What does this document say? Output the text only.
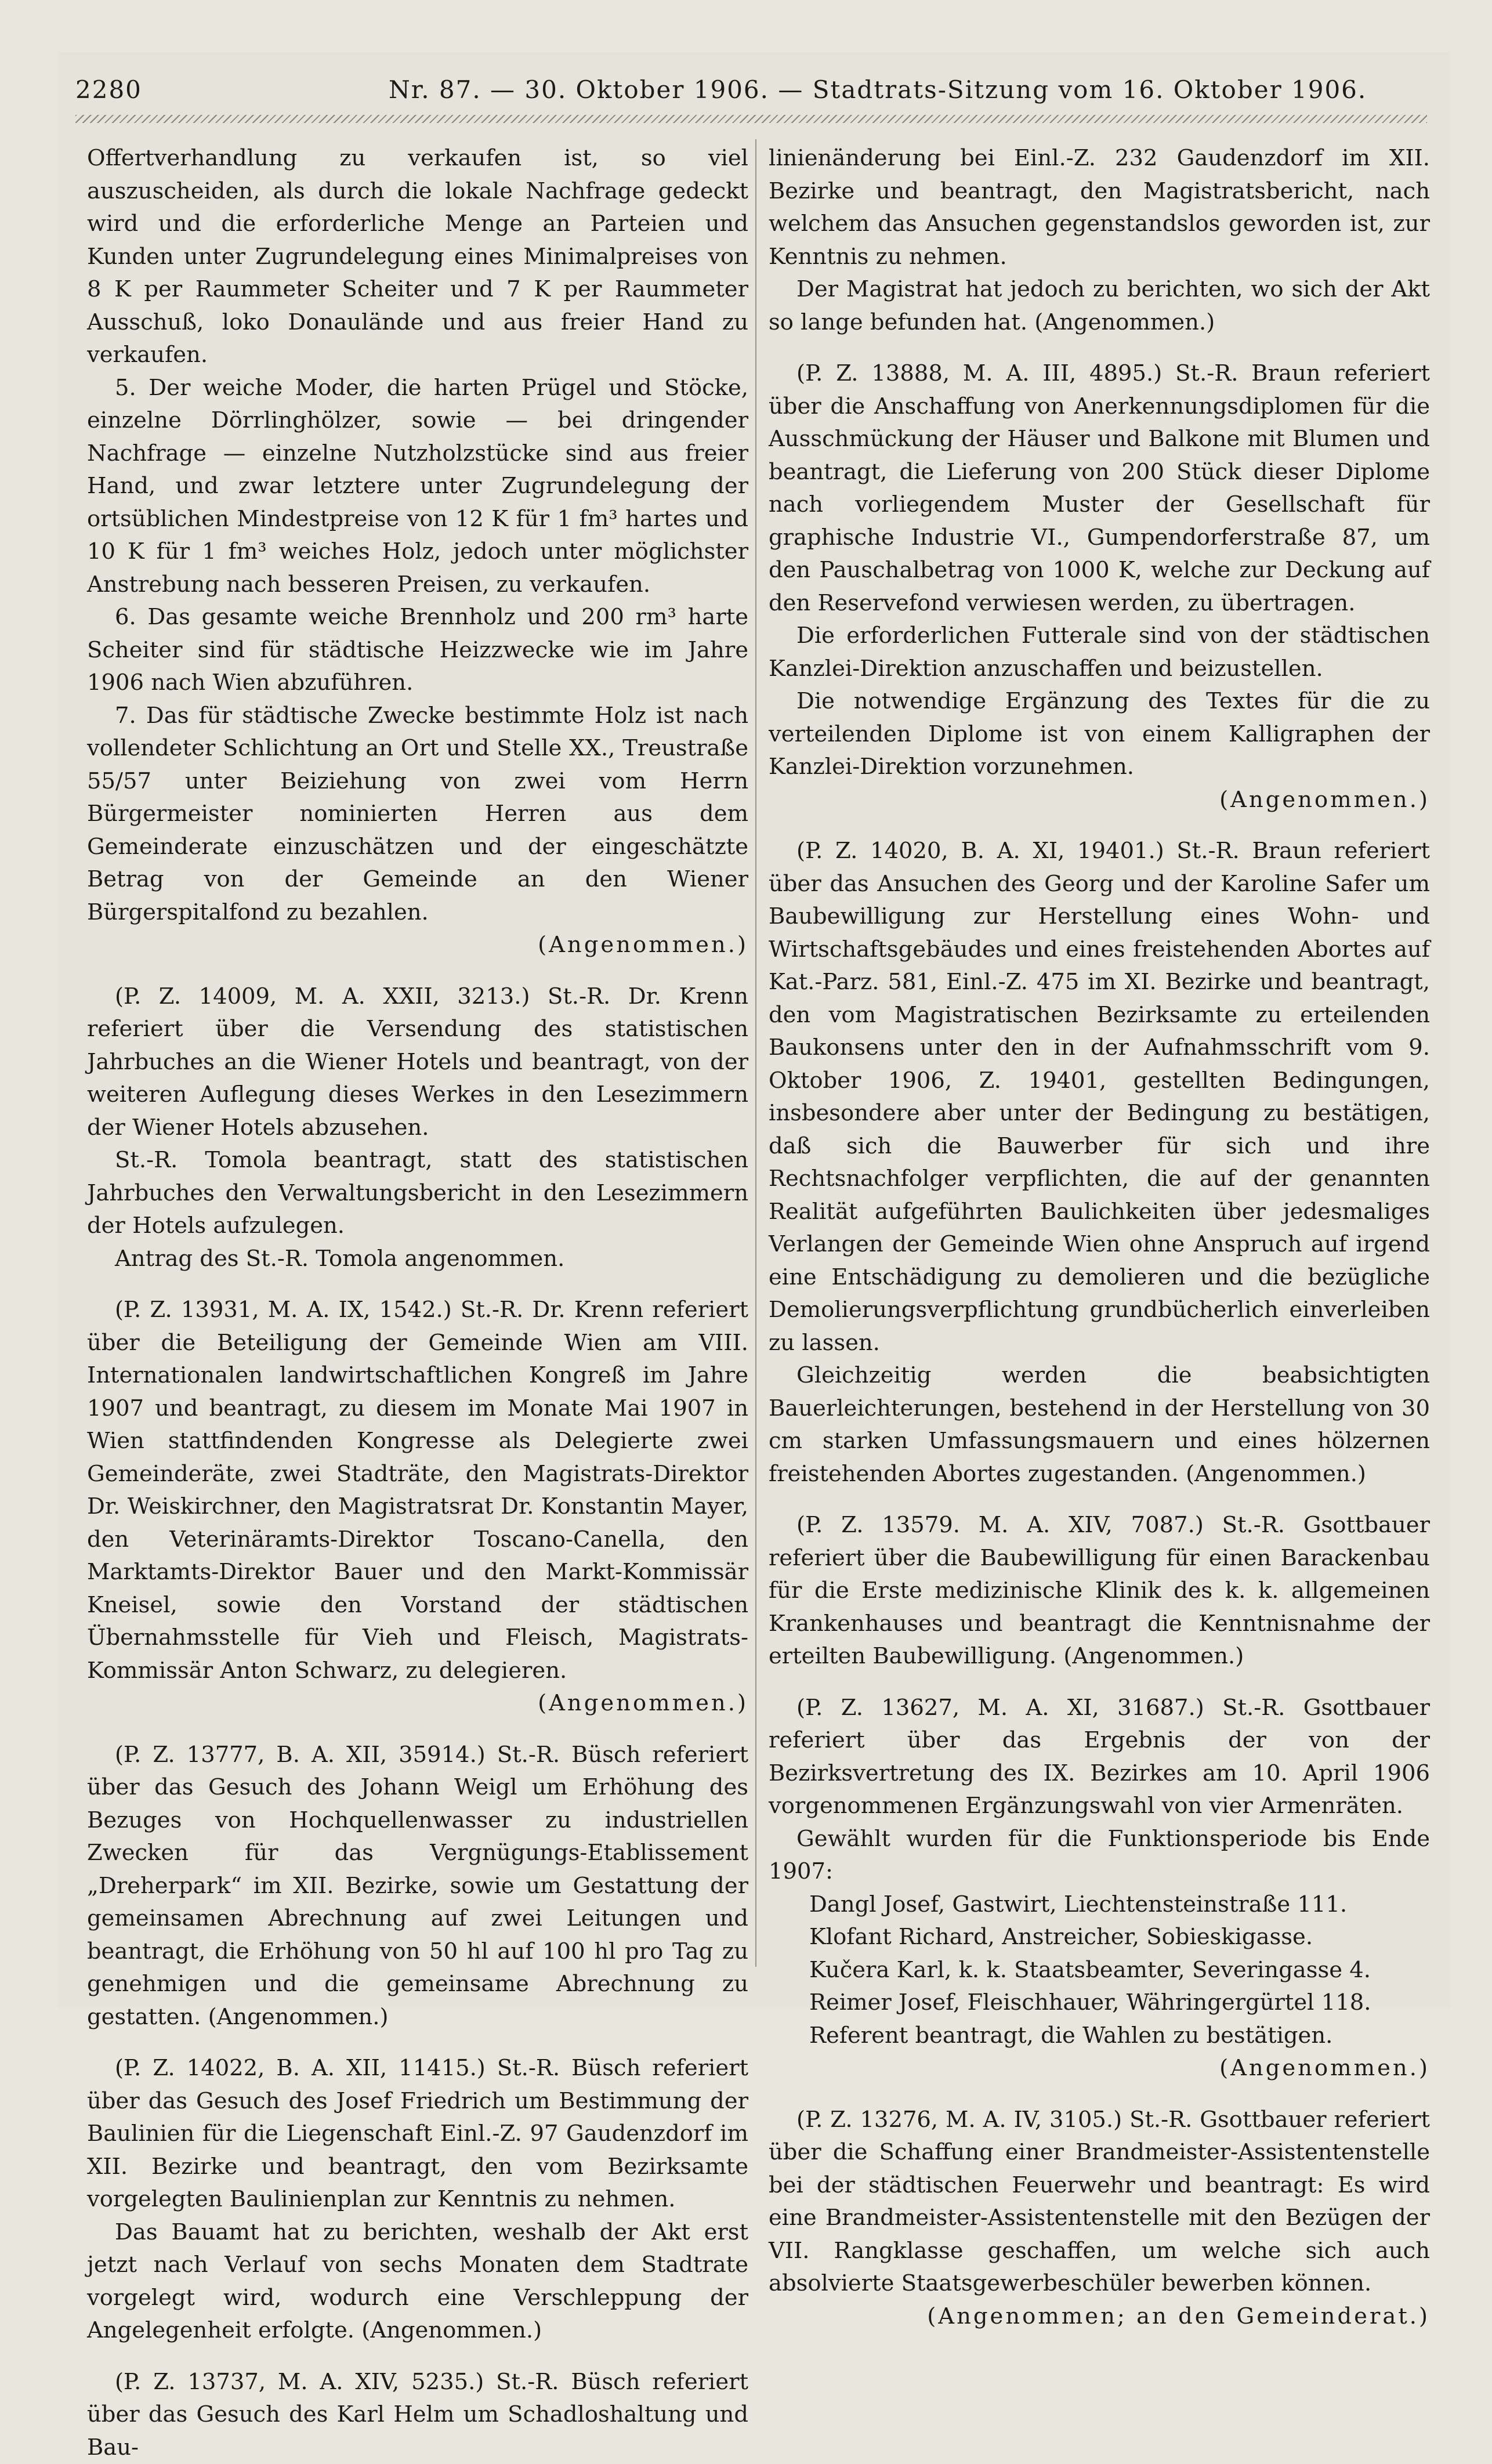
2280	Nr. 87. — 30. Oktober 1906. — Stadtrats-Sitzung vom 16. Oktober 1906.

Offertverhandlung zu verkaufen ist, so viel auszuscheiden, als durch die lokale Nachfrage gedeckt wird und die erforderliche Menge an Parteien und Kunden unter Zugrundelegung eines Minimalpreises von 8 K per Raummeter Scheiter und 7 K per Raummeter Ausschuß, loko Donaulände und aus freier Hand zu verkaufen.

5. Der weiche Moder, die harten Prügel und Stöcke, einzelne Dörrlinghölzer, sowie — bei dringender Nachfrage — einzelne Nutzholzstücke sind aus freier Hand, und zwar letztere unter Zugrundelegung der ortsüblichen Mindestpreise von 12 K für 1 fm³ hartes und 10 K für 1 fm³ weiches Holz, jedoch unter möglichster Anstrebung nach besseren Preisen, zu verkaufen.

6. Das gesamte weiche Brennholz und 200 rm³ harte Scheiter sind für städtische Heizzwecke wie im Jahre 1906 nach Wien abzuführen.

7. Das für städtische Zwecke bestimmte Holz ist nach vollendeter Schlichtung an Ort und Stelle XX., Treustraße 55/57 unter Beiziehung von zwei vom Herrn Bürgermeister nominierten Herren aus dem Gemeinderate einzuschätzen und der eingeschätzte Betrag von der Gemeinde an den Wiener Bürgerspitalfond zu bezahlen.

(Angenommen.)

(P. Z. 14009, M. A. XXII, 3213.) St.-R. Dr. Krenn referiert über die Versendung des statistischen Jahrbuches an die Wiener Hotels und beantragt, von der weiteren Auflegung dieses Werkes in den Lesezimmern der Wiener Hotels abzusehen.

St.-R. Tomola beantragt, statt des statistischen Jahrbuches den Verwaltungsbericht in den Lesezimmern der Hotels aufzulegen.

Antrag des St.-R. Tomola angenommen.

(P. Z. 13931, M. A. IX, 1542.) St.-R. Dr. Krenn referiert über die Beteiligung der Gemeinde Wien am VIII. Internationalen landwirtschaftlichen Kongreß im Jahre 1907 und beantragt, zu diesem im Monate Mai 1907 in Wien stattfindenden Kongresse als Delegierte zwei Gemeinderäte, zwei Stadträte, den Magistrats-Direktor Dr. Weiskirchner, den Magistratsrat Dr. Konstantin Mayer, den Veterinäramts-Direktor Toscano-Canella, den Marktamts-Direktor Bauer und den Markt-Kommissär Kneisel, sowie den Vorstand der städtischen Übernahmsstelle für Vieh und Fleisch, Magistrats-Kommissär Anton Schwarz, zu delegieren.

(Angenommen.)

(P. Z. 13777, B. A. XII, 35914.) St.-R. Büsch referiert über das Gesuch des Johann Weigl um Erhöhung des Bezuges von Hochquellenwasser zu industriellen Zwecken für das Vergnügungs-Etablissement „Dreherpark“ im XII. Bezirke, sowie um Gestattung der gemeinsamen Abrechnung auf zwei Leitungen und beantragt, die Erhöhung von 50 hl auf 100 hl pro Tag zu genehmigen und die gemeinsame Abrechnung zu gestatten. (Angenommen.)

(P. Z. 14022, B. A. XII, 11415.) St.-R. Büsch referiert über das Gesuch des Josef Friedrich um Bestimmung der Baulinien für die Liegenschaft Einl.-Z. 97 Gaudenzdorf im XII. Bezirke und beantragt, den vom Bezirksamte vorgelegten Baulinienplan zur Kenntnis zu nehmen.

Das Bauamt hat zu berichten, weshalb der Akt erst jetzt nach Verlauf von sechs Monaten dem Stadtrate vorgelegt wird, wodurch eine Verschleppung der Angelegenheit erfolgte. (Angenommen.)

(P. Z. 13737, M. A. XIV, 5235.) St.-R. Büsch referiert über das Gesuch des Karl Helm um Schadloshaltung und Bau-

linienänderung bei Einl.-Z. 232 Gaudenzdorf im XII. Bezirke und beantragt, den Magistratsbericht, nach welchem das Ansuchen gegenstandslos geworden ist, zur Kenntnis zu nehmen.

Der Magistrat hat jedoch zu berichten, wo sich der Akt so lange befunden hat. (Angenommen.)

(P. Z. 13888, M. A. III, 4895.) St.-R. Braun referiert über die Anschaffung von Anerkennungsdiplomen für die Ausschmückung der Häuser und Balkone mit Blumen und beantragt, die Lieferung von 200 Stück dieser Diplome nach vorliegendem Muster der Gesellschaft für graphische Industrie VI., Gumpendorferstraße 87, um den Pauschalbetrag von 1000 K, welche zur Deckung auf den Reservefond verwiesen werden, zu übertragen.

Die erforderlichen Futterale sind von der städtischen Kanzlei-Direktion anzuschaffen und beizustellen.

Die notwendige Ergänzung des Textes für die zu verteilenden Diplome ist von einem Kalligraphen der Kanzlei-Direktion vorzunehmen.

(Angenommen.)

(P. Z. 14020, B. A. XI, 19401.) St.-R. Braun referiert über das Ansuchen des Georg und der Karoline Safer um Baubewilligung zur Herstellung eines Wohn- und Wirtschaftsgebäudes und eines freistehenden Abortes auf Kat.-Parz. 581, Einl.-Z. 475 im XI. Bezirke und beantragt, den vom Magistratischen Bezirksamte zu erteilenden Baukonsens unter den in der Aufnahmsschrift vom 9. Oktober 1906, Z. 19401, gestellten Bedingungen, insbesondere aber unter der Bedingung zu bestätigen, daß sich die Bauwerber für sich und ihre Rechtsnachfolger verpflichten, die auf der genannten Realität aufgeführten Baulichkeiten über jedesmaliges Verlangen der Gemeinde Wien ohne Anspruch auf irgend eine Entschädigung zu demolieren und die bezügliche Demolierungsverpflichtung grundbücherlich einverleiben zu lassen.

Gleichzeitig werden die beabsichtigten Bauerleichterungen, bestehend in der Herstellung von 30 cm starken Umfassungsmauern und eines hölzernen freistehenden Abortes zugestanden. (Angenommen.)

(P. Z. 13579. M. A. XIV, 7087.) St.-R. Gsottbauer referiert über die Baubewilligung für einen Barackenbau für die Erste medizinische Klinik des k. k. allgemeinen Krankenhauses und beantragt die Kenntnisnahme der erteilten Baubewilligung. (Angenommen.)

(P. Z. 13627, M. A. XI, 31687.) St.-R. Gsottbauer referiert über das Ergebnis der von der Bezirksvertretung des IX. Bezirkes am 10. April 1906 vorgenommenen Ergänzungswahl von vier Armenräten.

Gewählt wurden für die Funktionsperiode bis Ende 1907:

Dangl Josef, Gastwirt, Liechtensteinstraße 111.

Klofant Richard, Anstreicher, Sobieskigasse.

Kučera Karl, k. k. Staatsbeamter, Severingasse 4.

Reimer Josef, Fleischhauer, Währingergürtel 118.

Referent beantragt, die Wahlen zu bestätigen.

(Angenommen.)

(P. Z. 13276, M. A. IV, 3105.) St.-R. Gsottbauer referiert über die Schaffung einer Brandmeister-Assistentenstelle bei der städtischen Feuerwehr und beantragt: Es wird eine Brandmeister-Assistentenstelle mit den Bezügen der VII. Rangklasse geschaffen, um welche sich auch absolvierte Staatsgewerbeschüler bewerben können.

(Angenommen; an den Gemeinderat.)
